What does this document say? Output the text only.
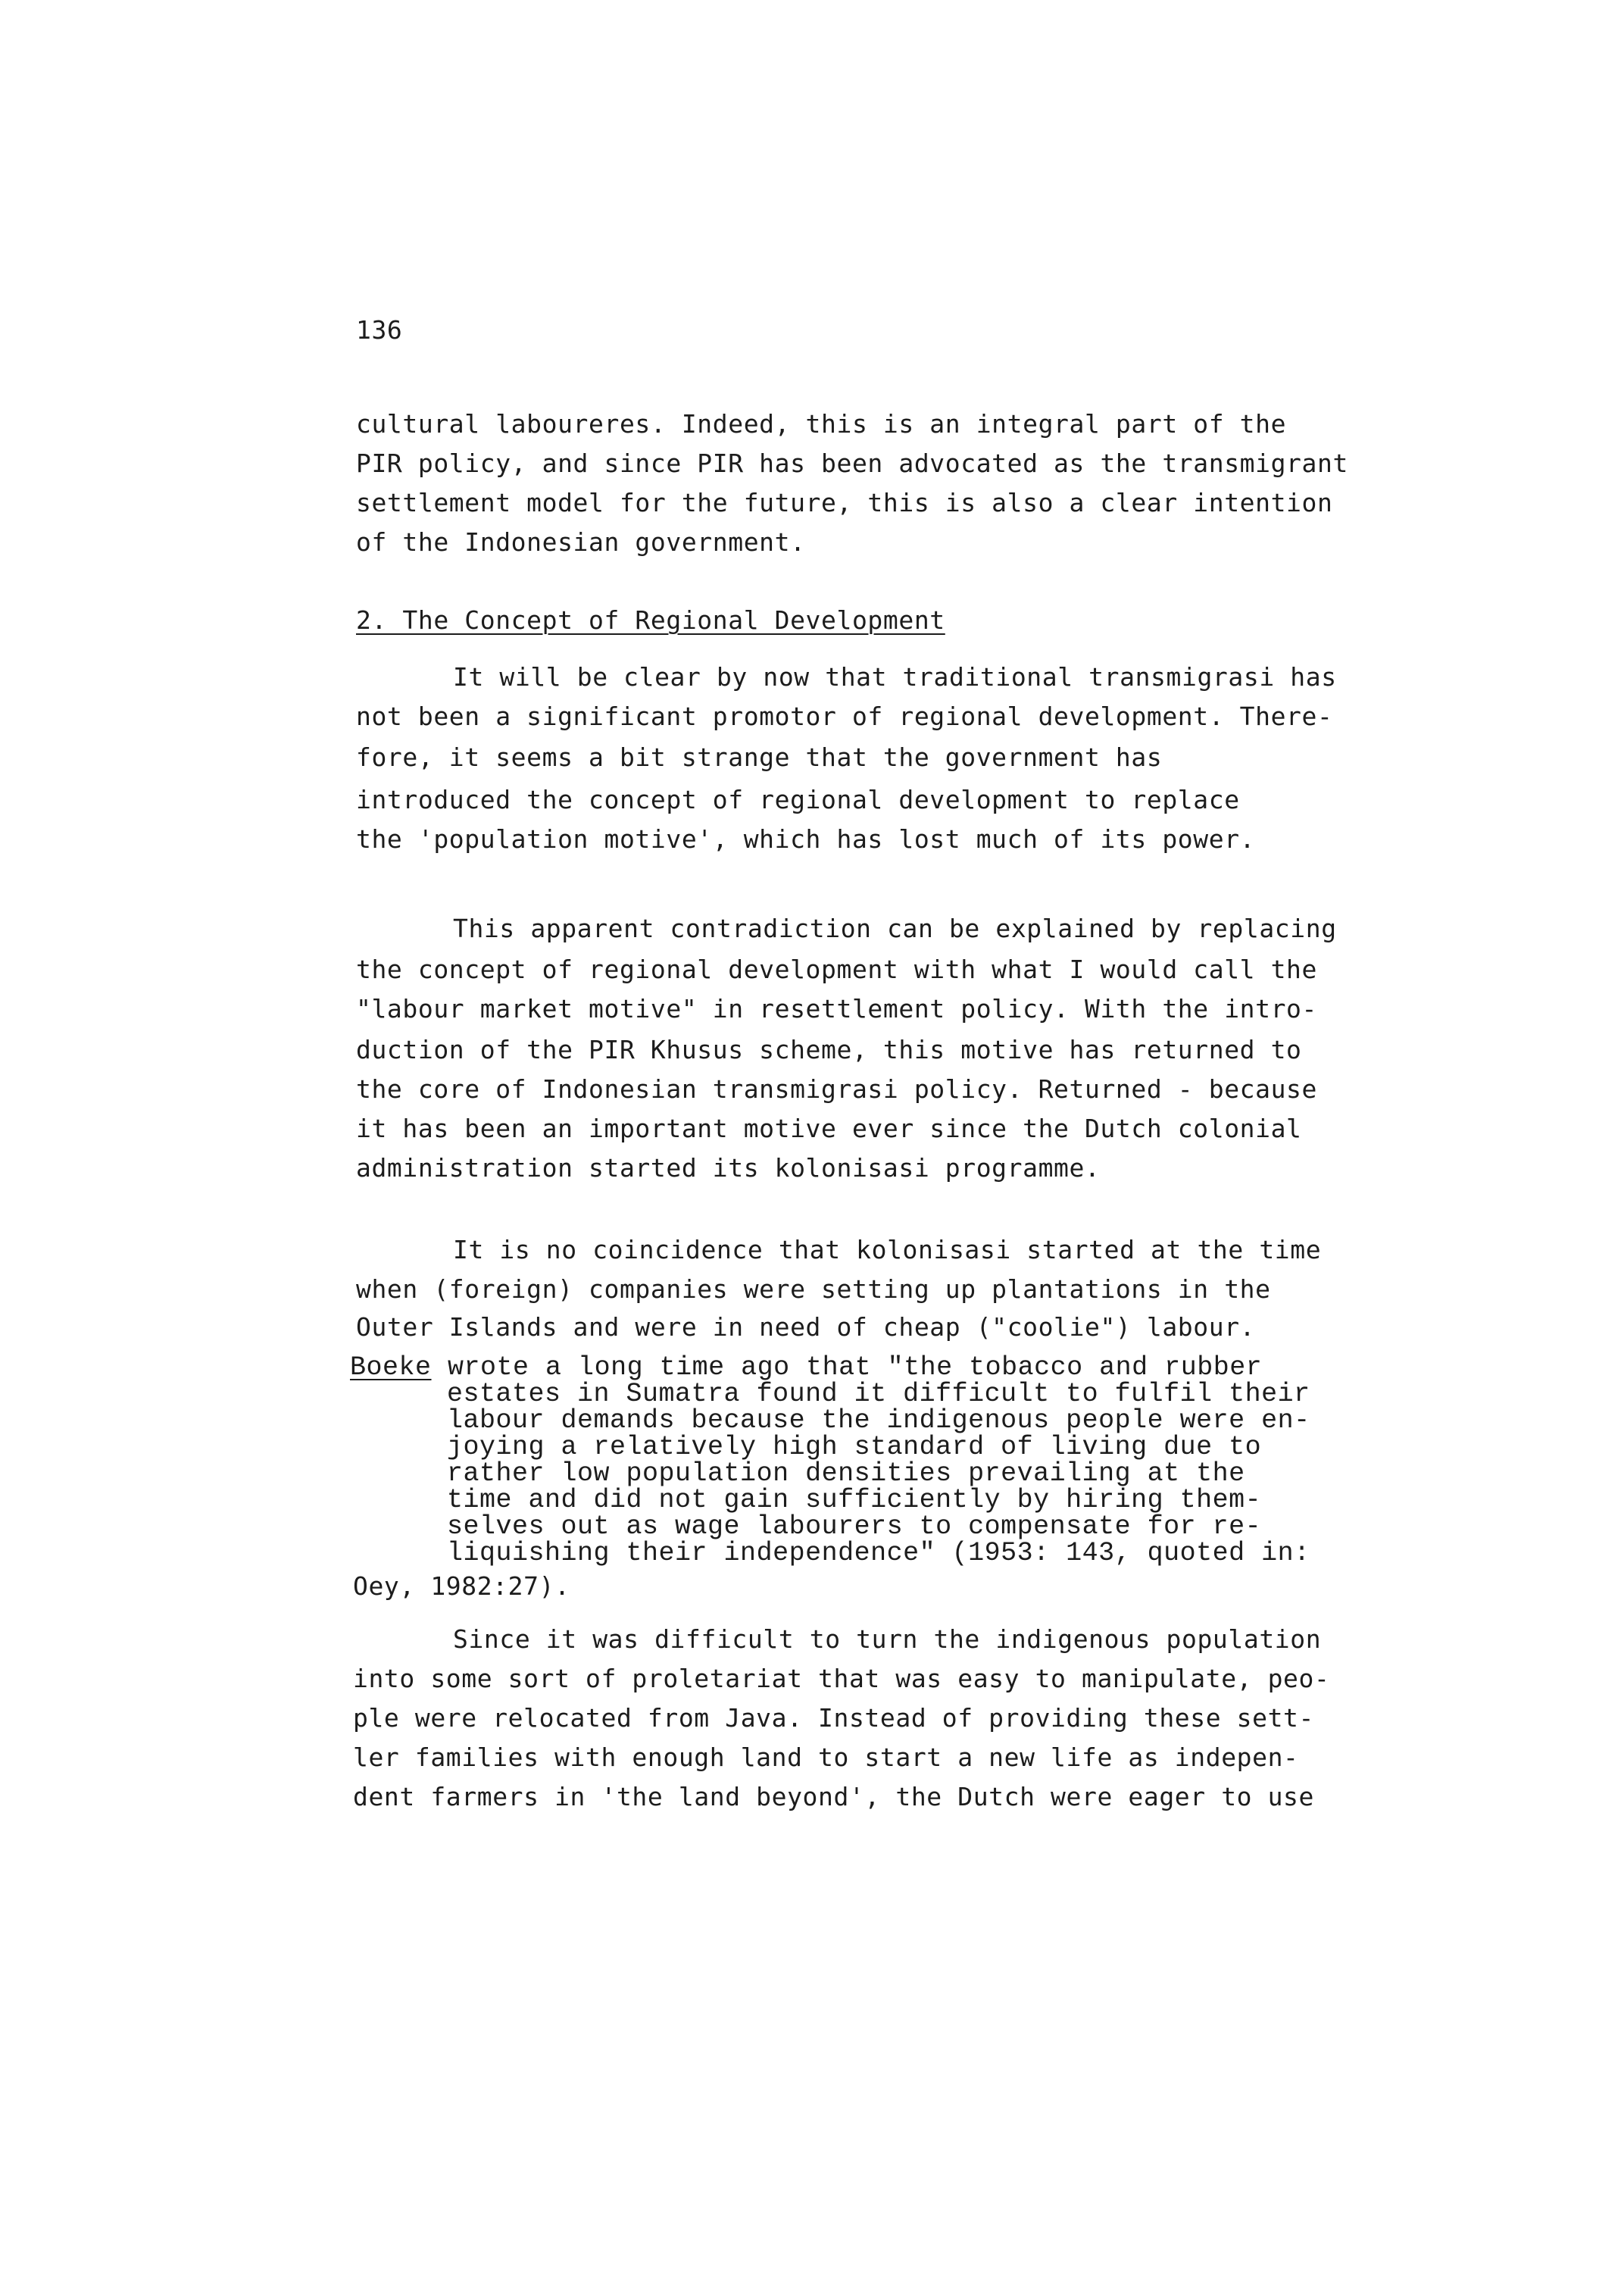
136
cultural laboureres. Indeed, this is an integral part of the
PIR policy, and since PIR has been advocated as the transmigrant
settlement model for the future, this is also a clear intention
of the Indonesian government.
2. The Concept of Regional Development
It will be clear by now that traditional transmigrasi has
not been a significant promotor of regional development. There-
fore, it seems a bit strange that the government has
introduced the concept of regional development to replace
the 'population motive', which has lost much of its power.
This apparent contradiction can be explained by replacing
the concept of regional development with what I would call the
"labour market motive" in resettlement policy. With the intro-
duction of the PIR Khusus scheme, this motive has returned to
the core of Indonesian transmigrasi policy. Returned - because
it has been an important motive ever since the Dutch colonial
administration started its kolonisasi programme.
It is no coincidence that kolonisasi started at the time
when (foreign) companies were setting up plantations in the
Outer Islands and were in need of cheap ("coolie") labour.
Boeke wrote a long time ago that "the tobacco and rubber
estates in Sumatra found it difficult to fulfil their
labour demands because the indigenous people were en-
joying a relatively high standard of living due to
rather low population densities prevailing at the
time and did not gain sufficiently by hiring them-
selves out as wage labourers to compensate for re-
liquishing their independence" (1953: 143, quoted in:
Oey, 1982:27).
Since it was difficult to turn the indigenous population
into some sort of proletariat that was easy to manipulate, peo-
ple were relocated from Java. Instead of providing these sett-
ler families with enough land to start a new life as indepen-
dent farmers in 'the land beyond', the Dutch were eager to use
